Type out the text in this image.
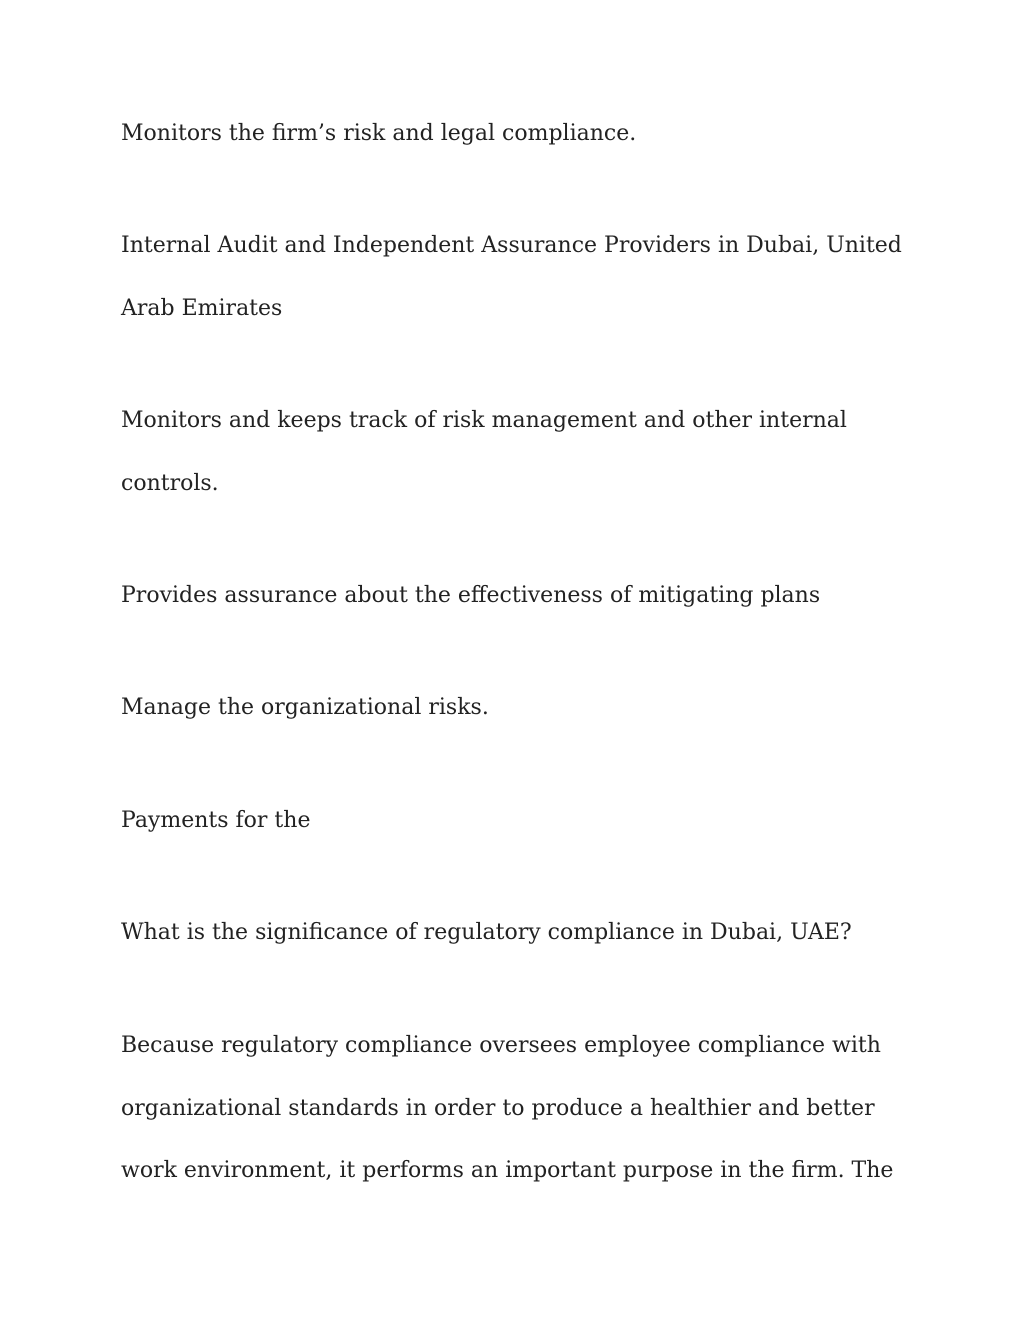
Monitors the firm’s risk and legal compliance.

Internal Audit and Independent Assurance Providers in Dubai, United
Arab Emirates

Monitors and keeps track of risk management and other internal
controls.

Provides assurance about the effectiveness of mitigating plans

Manage the organizational risks.

Payments for the

What is the significance of regulatory compliance in Dubai, UAE?

Because regulatory compliance oversees employee compliance with
organizational standards in order to produce a healthier and better
work environment, it performs an important purpose in the firm. The
